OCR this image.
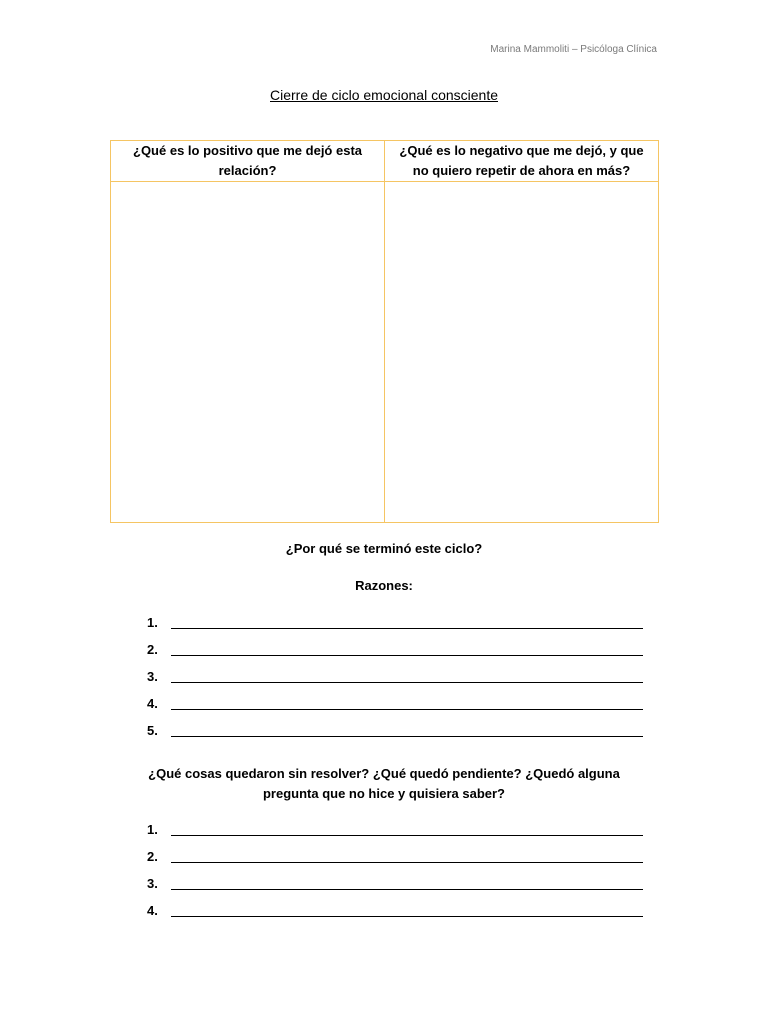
Marina Mammoliti – Psicóloga Clínica
Cierre de ciclo emocional consciente
¿Qué es lo positivo que me dejó esta relación?	¿Qué es lo negativo que me dejó, y que no quiero repetir de ahora en más?

¿Por qué se terminó este ciclo?
Razones:
1.
2.
3.
4.
5.
¿Qué cosas quedaron sin resolver? ¿Qué quedó pendiente? ¿Quedó alguna pregunta que no hice y quisiera saber?
1.
2.
3.
4.
